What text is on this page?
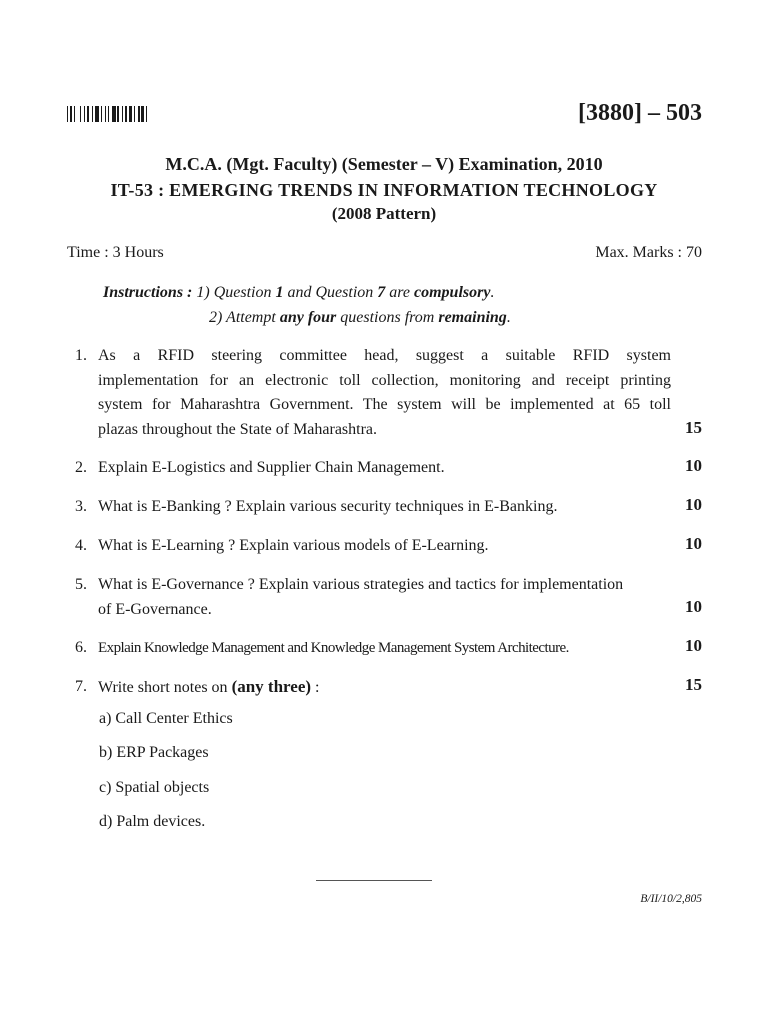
[3880] – 503
M.C.A. (Mgt. Faculty) (Semester – V) Examination, 2010
IT-53 : EMERGING TRENDS IN INFORMATION TECHNOLOGY
(2008 Pattern)
Time : 3 Hours	Max. Marks : 70
Instructions : 1) Question 1 and Question 7 are compulsory.
2) Attempt any four questions from remaining.
1. As a RFID steering committee head, suggest a suitable RFID system
implementation for an electronic toll collection, monitoring and receipt printing
system for Maharashtra Government. The system will be implemented at 65 toll
plazas throughout the State of Maharashtra.	15
2. Explain E-Logistics and Supplier Chain Management.	10
3. What is E-Banking ? Explain various security techniques in E-Banking.	10
4. What is E-Learning ? Explain various models of E-Learning.	10
5. What is E-Governance ? Explain various strategies and tactics for implementation
of E-Governance.	10
6. Explain Knowledge Management and Knowledge Management System Architecture.	10
7. Write short notes on (any three) :	15
a) Call Center Ethics
b) ERP Packages
c) Spatial objects
d) Palm devices.
B/II/10/2,805
